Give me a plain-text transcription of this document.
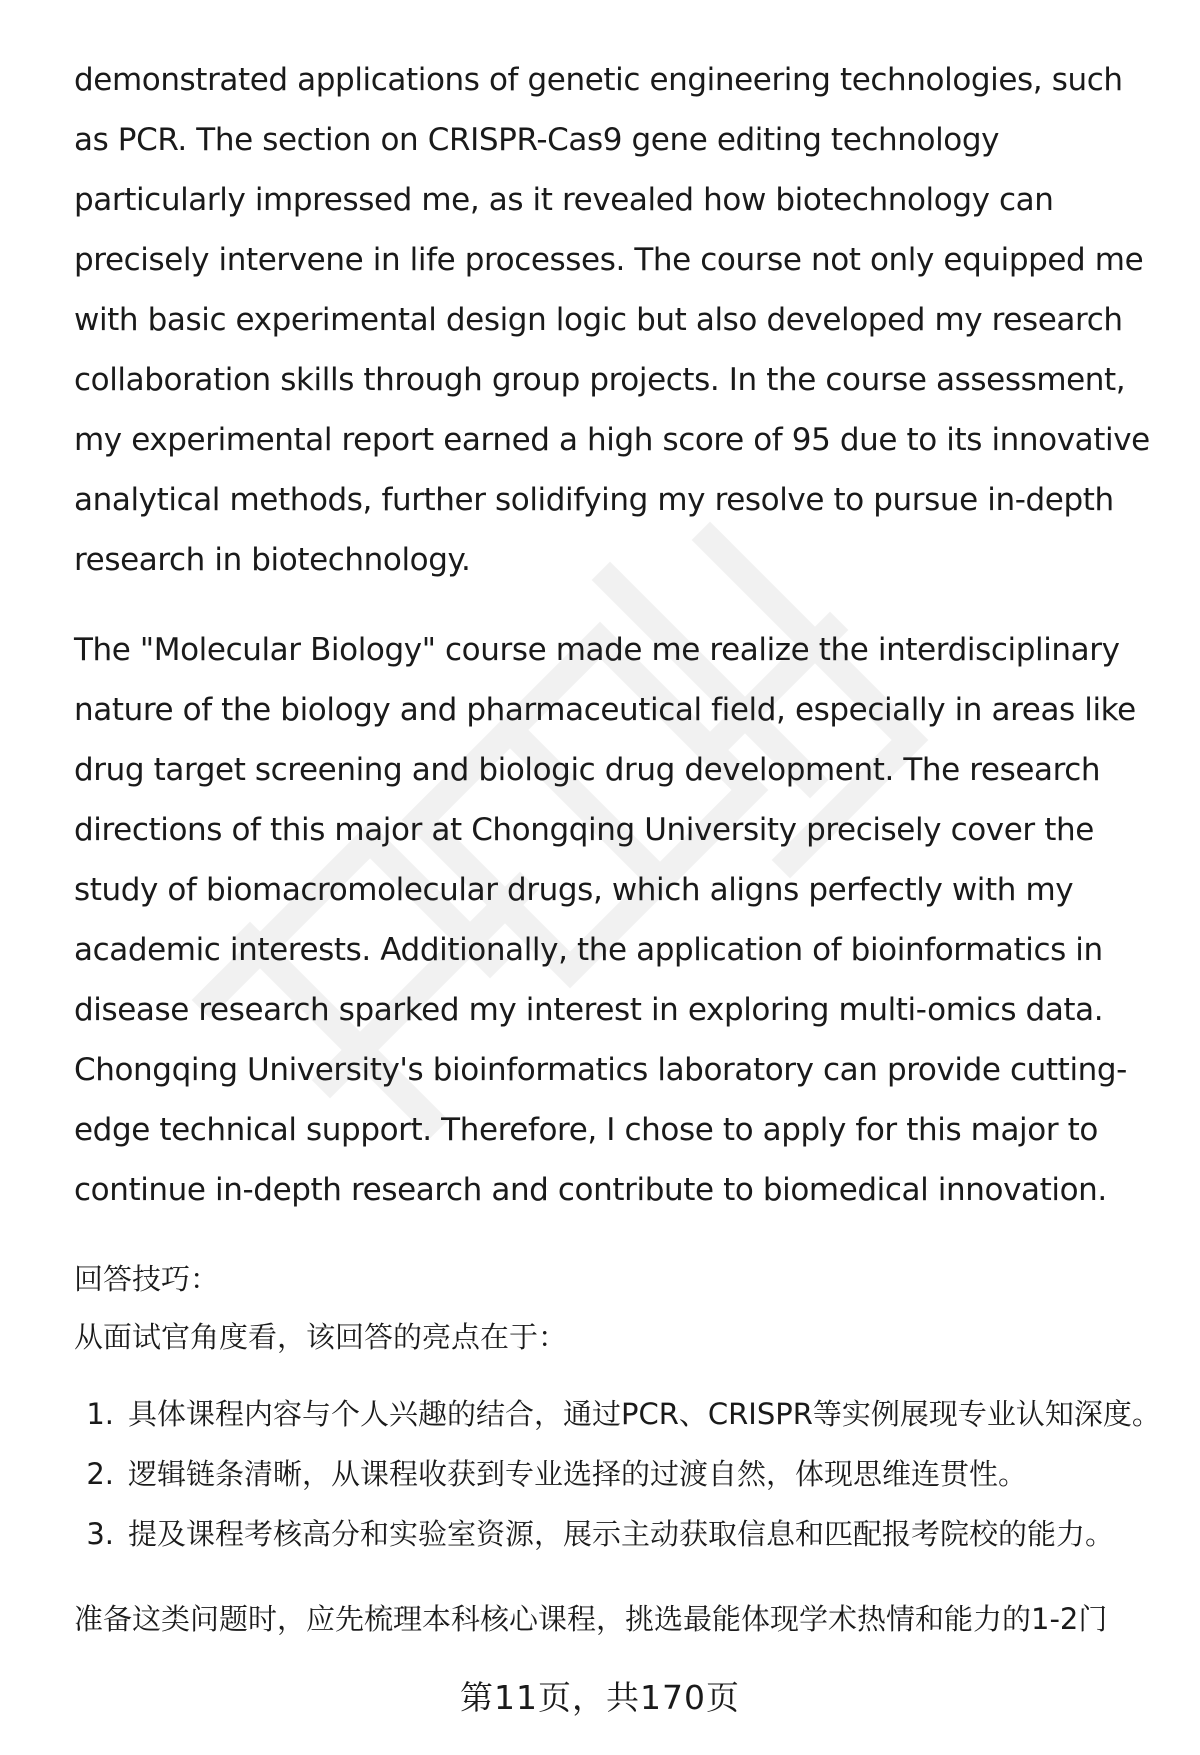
demonstrated applications of genetic engineering technologies, such as PCR. The section on CRISPR-Cas9 gene editing technology particularly impressed me, as it revealed how biotechnology can precisely intervene in life processes. The course not only equipped me with basic experimental design logic but also developed my research collaboration skills through group projects. In the course assessment, my experimental report earned a high score of 95 due to its innovative analytical methods, further solidifying my resolve to pursue in-depth research in biotechnology.

The "Molecular Biology" course made me realize the interdisciplinary nature of the biology and pharmaceutical field, especially in areas like drug target screening and biologic drug development. The research directions of this major at Chongqing University precisely cover the study of biomacromolecular drugs, which aligns perfectly with my academic interests. Additionally, the application of bioinformatics in disease research sparked my interest in exploring multi-omics data. Chongqing University's bioinformatics laboratory can provide cutting-edge technical support. Therefore, I chose to apply for this major to continue in-depth research and contribute to biomedical innovation.

回答技巧：

从面试官角度看，该回答的亮点在于：

1. 具体课程内容与个人兴趣的结合，通过PCR、CRISPR等实例展现专业认知深度。
2. 逻辑链条清晰，从课程收获到专业选择的过渡自然，体现思维连贯性。
3. 提及课程考核高分和实验室资源，展示主动获取信息和匹配报考院校的能力。

准备这类问题时，应先梳理本科核心课程，挑选最能体现学术热情和能力的1-2门

第11页，共170页
